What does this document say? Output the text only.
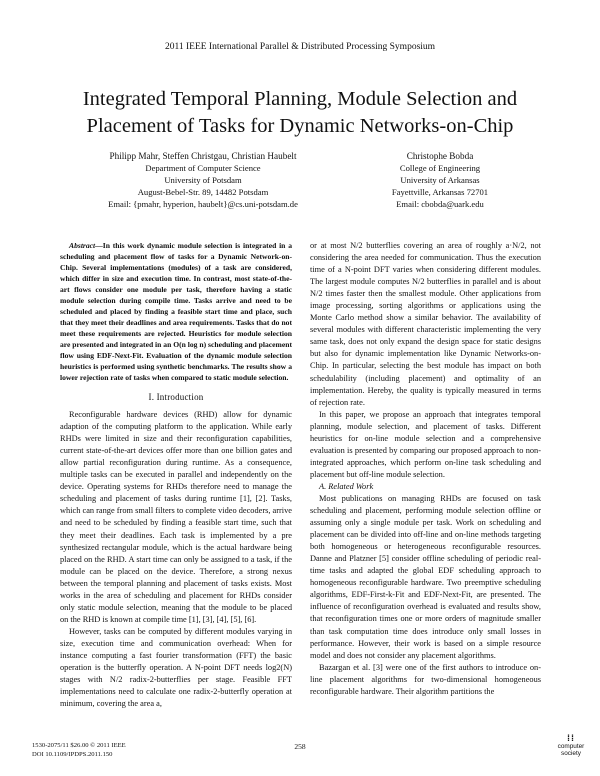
2011 IEEE International Parallel & Distributed Processing Symposium
Integrated Temporal Planning, Module Selection and
Placement of Tasks for Dynamic Networks-on-Chip
Philipp Mahr, Steffen Christgau, Christian Haubelt
Department of Computer Science
University of Potsdam
August-Bebel-Str. 89, 14482 Potsdam
Email: {pmahr, hyperion, haubelt}@cs.uni-potsdam.de
Christophe Bobda
College of Engineering
University of Arkansas
Fayettville, Arkansas 72701
Email: cbobda@uark.edu

Abstract—In this work dynamic module selection is integrated in a scheduling and placement flow of tasks for a Dynamic Network-on-Chip. Several implementations (modules) of a task are considered, which differ in size and execution time. In contrast, most state-of-the-art flows consider one module per task, therefore having a static module selection during compile time. Tasks arrive and need to be scheduled and placed by finding a feasible start time and place, such that they meet their deadlines and area requirements. Tasks that do not meet these requirements are rejected. Heuristics for module selection are presented and integrated in an O(n log n) scheduling and placement flow using EDF-Next-Fit. Evaluation of the dynamic module selection heuristics is performed using synthetic benchmarks. The results show a lower rejection rate of tasks when compared to static module selection.

I. Introduction

Reconfigurable hardware devices (RHD) allow for dynamic adaption of the computing platform to the application. While early RHDs were limited in size and their reconfiguration capabilities, current state-of-the-art devices offer more than one billion gates and allow partial reconfiguration during runtime. As a consequence, multiple tasks can be executed in parallel and independently on the device. Operating systems for RHDs therefore need to manage the scheduling and placement of tasks during runtime [1], [2]. Tasks, which can range from small filters to complete video decoders, arrive and need to be scheduled by finding a feasible start time, such that they meet their deadlines. Each task is implemented by a pre synthesized rectangular module, which is the actual hardware being placed on the RHD. A start time can only be assigned to a task, if the module can be placed on the device. Therefore, a strong nexus between the temporal planning and placement of tasks exists. Most works in the area of scheduling and placement for RHDs consider only static module selection, meaning that the module to be placed on the RHD is known at compile time [1], [3], [4], [5], [6].

However, tasks can be computed by different modules varying in size, execution time and communication overhead: When for instance computing a fast fourier transformation (FFT) the basic operation is the butterfly operation. A N-point DFT needs log2(N) stages with N/2 radix-2-butterflies per stage. Feasible FFT implementations need to calculate one radix-2-butterfly operation at minimum, covering the area a,

or at most N/2 butterflies covering an area of roughly a·N/2, not considering the area needed for communication. Thus the execution time of a N-point DFT varies when considering different modules. The largest module computes N/2 butterflies in parallel and is about N/2 times faster then the smallest module. Other applications from image processing, sorting algorithms or applications using the Monte Carlo method show a similar behavior. The availability of several modules with different characteristic implementing the very same task, does not only expand the design space for static designs but also for dynamic implementation like Dynamic Networks-on-Chip. In particular, selecting the best module has impact on both schedulability (including placement) and optimality of an implementation. Hereby, the quality is typically measured in terms of rejection rate.

In this paper, we propose an approach that integrates temporal planning, module selection, and placement of tasks. Different heuristics for on-line module selection and a comprehensive evaluation is presented by comparing our proposed approach to non-integrated approaches, which perform on-line task scheduling and placement but off-line module selection.

A. Related Work

Most publications on managing RHDs are focused on task scheduling and placement, performing module selection offline or assuming only a single module per task. Work on scheduling and placement can be divided into off-line and on-line methods targeting both homogeneous or heterogeneous reconfigurable resources. Danne and Platzner [5] consider offline scheduling of periodic real-time tasks and adapted the global EDF scheduling approach to homogeneous reconfigurable hardware. Two preemptive scheduling algorithms, EDF-First-k-Fit and EDF-Next-Fit, are presented. The influence of reconfiguration overhead is evaluated and results show, that reconfiguration times one or more orders of magnitude smaller than task computation time does introduce only small losses in performance. However, their work is based on a simple resource model and does not consider any placement algorithms.

Bazargan et al. [3] were one of the first authors to introduce on-line placement algorithms for two-dimensional homogeneous reconfigurable hardware. Their algorithm partitions the

1530-2075/11 $26.00 © 2011 IEEE
DOI 10.1109/IPDPS.2011.150
258
⁞⁞
computer
society
